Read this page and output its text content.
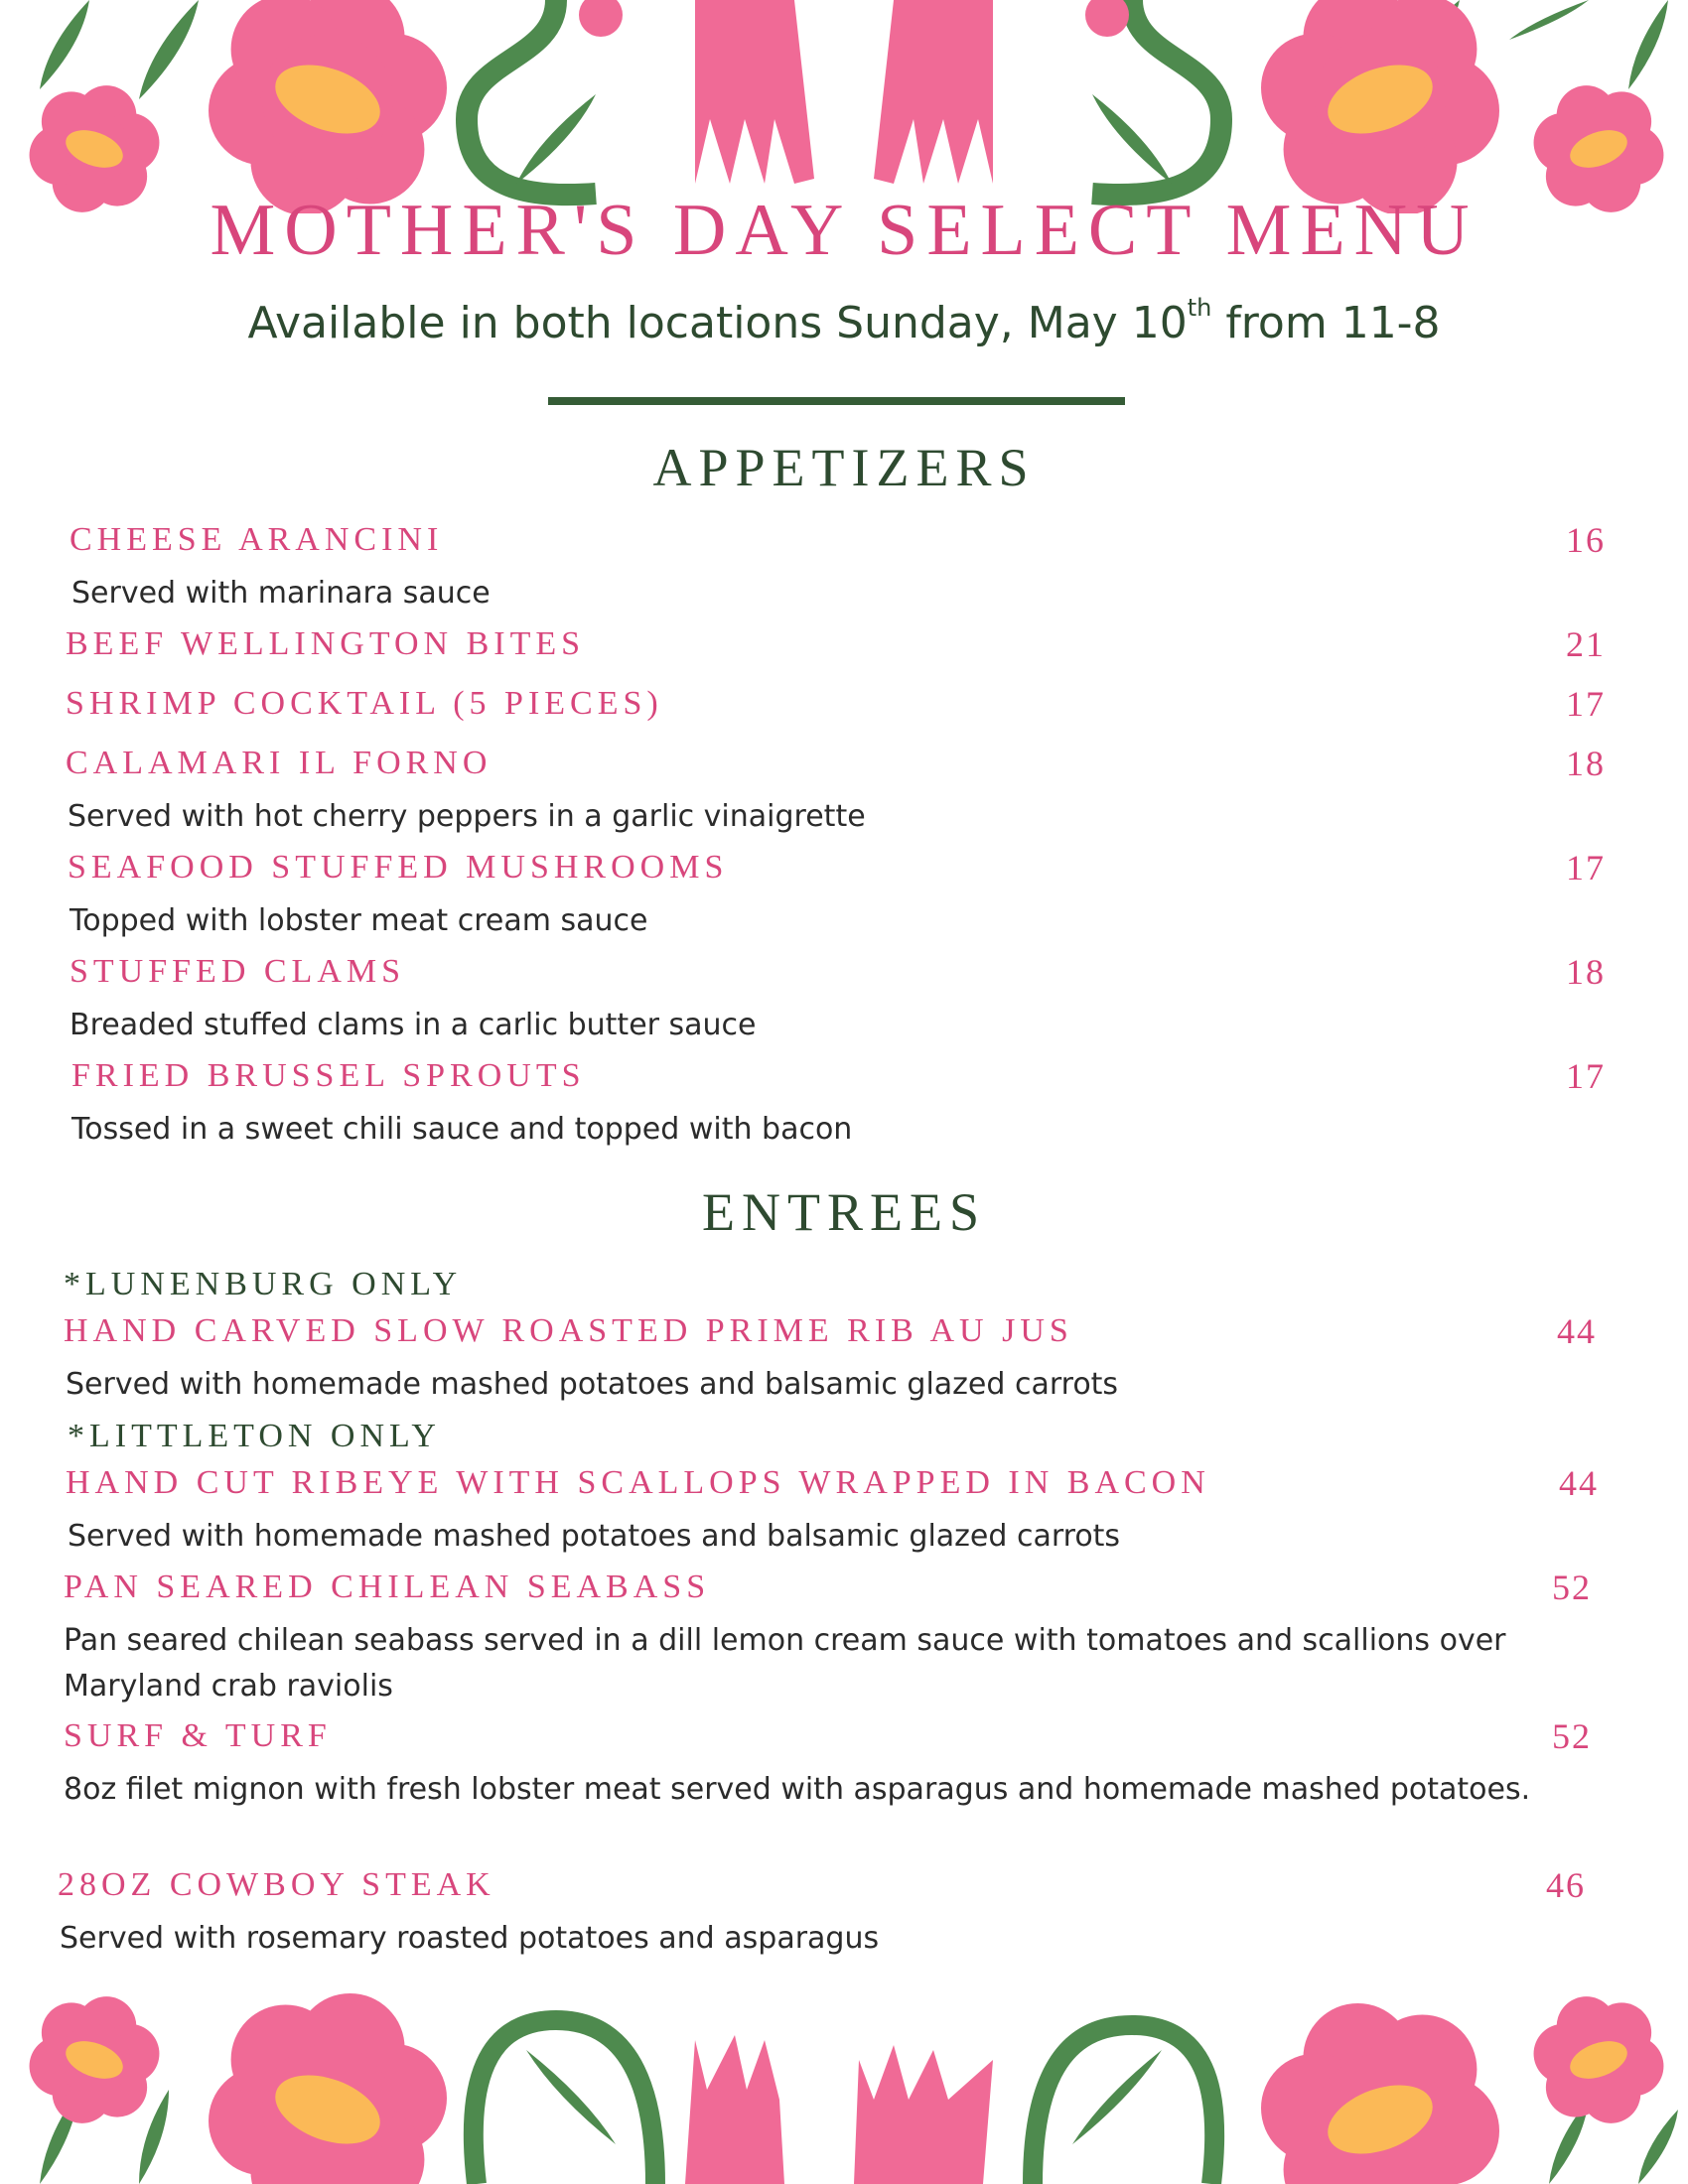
MOTHER'S DAY SELECT MENU
Available in both locations Sunday, May 10th from 11-8
APPETIZERS
CHEESE ARANCINI	16
Served with marinara sauce
BEEF WELLINGTON BITES	21
SHRIMP COCKTAIL (5 PIECES)	17
CALAMARI IL FORNO	18
Served with hot cherry peppers in a garlic vinaigrette
SEAFOOD STUFFED MUSHROOMS	17
Topped with lobster meat cream sauce
STUFFED CLAMS	18
Breaded stuffed clams in a carlic butter sauce
FRIED BRUSSEL SPROUTS	17
Tossed in a sweet chili sauce and topped with bacon
ENTREES
*LUNENBURG ONLY
HAND CARVED SLOW ROASTED PRIME RIB AU JUS	44
Served with homemade mashed potatoes and balsamic glazed carrots
*LITTLETON ONLY
HAND CUT RIBEYE WITH SCALLOPS WRAPPED IN BACON	44
Served with homemade mashed potatoes and balsamic glazed carrots
PAN SEARED CHILEAN SEABASS	52
Pan seared chilean seabass served in a dill lemon cream sauce with tomatoes and scallions over Maryland crab raviolis
SURF & TURF	52
8oz filet mignon with fresh lobster meat served with asparagus and homemade mashed potatoes.
28OZ COWBOY STEAK	46
Served with rosemary roasted potatoes and asparagus
